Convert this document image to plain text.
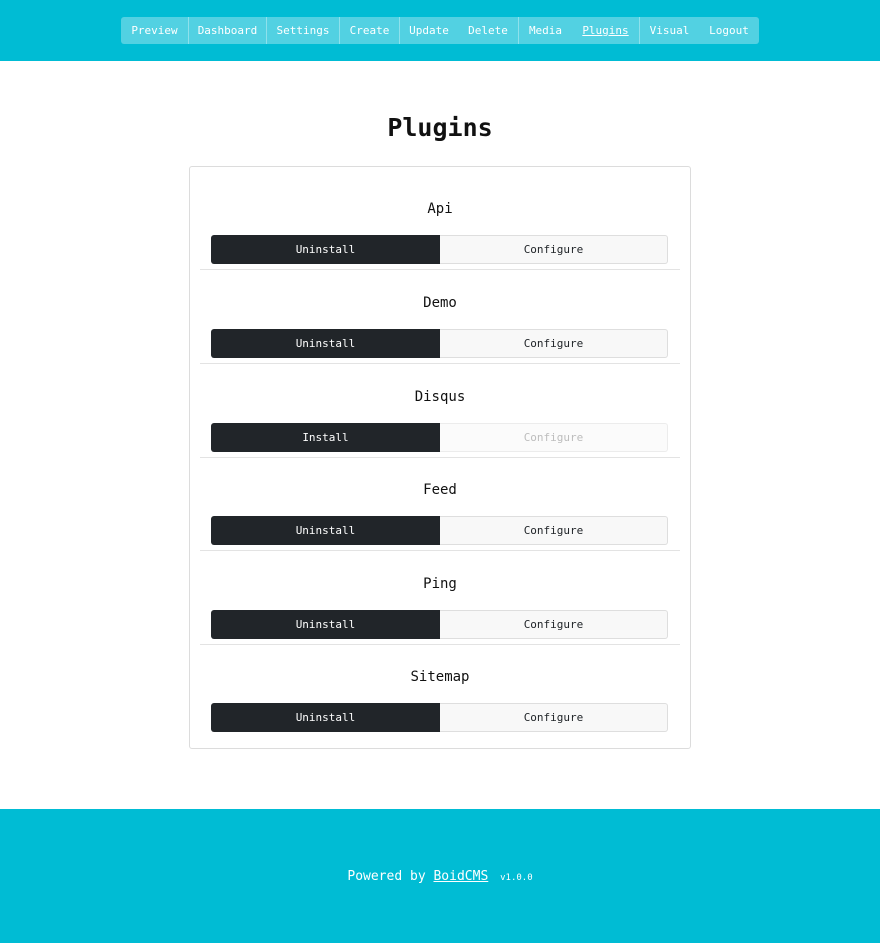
Preview	Dashboard	Settings	Create	Update	Delete	Media	Plugins	Visual	Logout
Plugins
Api
Uninstall	Configure
Demo
Uninstall	Configure
Disqus
Install	Configure
Feed
Uninstall	Configure
Ping
Uninstall	Configure
Sitemap
Uninstall	Configure
Powered by BoidCMS v1.0.0
